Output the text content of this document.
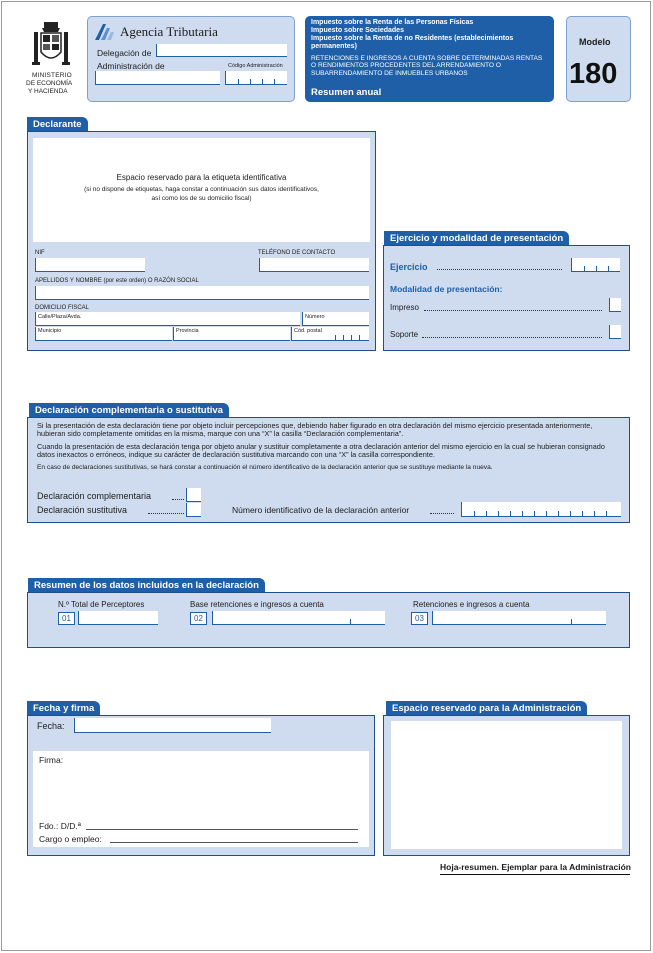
MINISTERIO
DE ECONOMÍA
Y HACIENDA
Agencia Tributaria
Delegación de
Administración de	Código Administración
Impuesto sobre la Renta de las Personas Físicas
Impuesto sobre Sociedades
Impuesto sobre la Renta de no Residentes (establecimientos permanentes)
RETENCIONES E INGRESOS A CUENTA SOBRE DETERMINADAS RENTAS O RENDIMIENTOS PROCEDENTES DEL ARRENDAMIENTO O SUBARRENDAMIENTO DE INMUEBLES URBANOS
Resumen anual
Modelo
180
Declarante
Espacio reservado para la etiqueta identificativa
(si no dispone de etiquetas, haga constar a continuación sus datos identificativos,
así como los de su domicilio fiscal)
NIF	TELÉFONO DE CONTACTO
APELLIDOS Y NOMBRE (por este orden) O RAZÓN SOCIAL
DOMICILIO FISCAL
Calle/Plaza/Avda.	Número
Municipio	Provincia	Cód. postal
Ejercicio y modalidad de presentación
Ejercicio
Modalidad de presentación:
Impreso
Soporte
Declaración complementaria o sustitutiva
Si la presentación de esta declaración tiene por objeto incluir percepciones que, debiendo haber figurado en otra declaración del mismo ejercicio presentada anteriormente, hubieran sido completamente omitidas en la misma, marque con una “X” la casilla “Declaración complementaria”.
Cuando la presentación de esta declaración tenga por objeto anular y sustituir completamente a otra declaración anterior del mismo ejercicio en la cual se hubieran consignado datos inexactos o erróneos, indique su carácter de declaración sustitutiva marcando con una “X” la casilla correspondiente.
En caso de declaraciones sustitutivas, se hará constar a continuación el número identificativo de la declaración anterior que se sustituye mediante la nueva.
Declaración complementaria
Declaración sustitutiva	Número identificativo de la declaración anterior
Resumen de los datos incluidos en la declaración
N.º Total de Perceptores	Base retenciones e ingresos a cuenta	Retenciones e ingresos a cuenta
01	02	03
Fecha y firma
Fecha:
Firma:
Fdo.: D/D.ª
Cargo o empleo:
Espacio reservado para la Administración
Hoja-resumen. Ejemplar para la Administración
